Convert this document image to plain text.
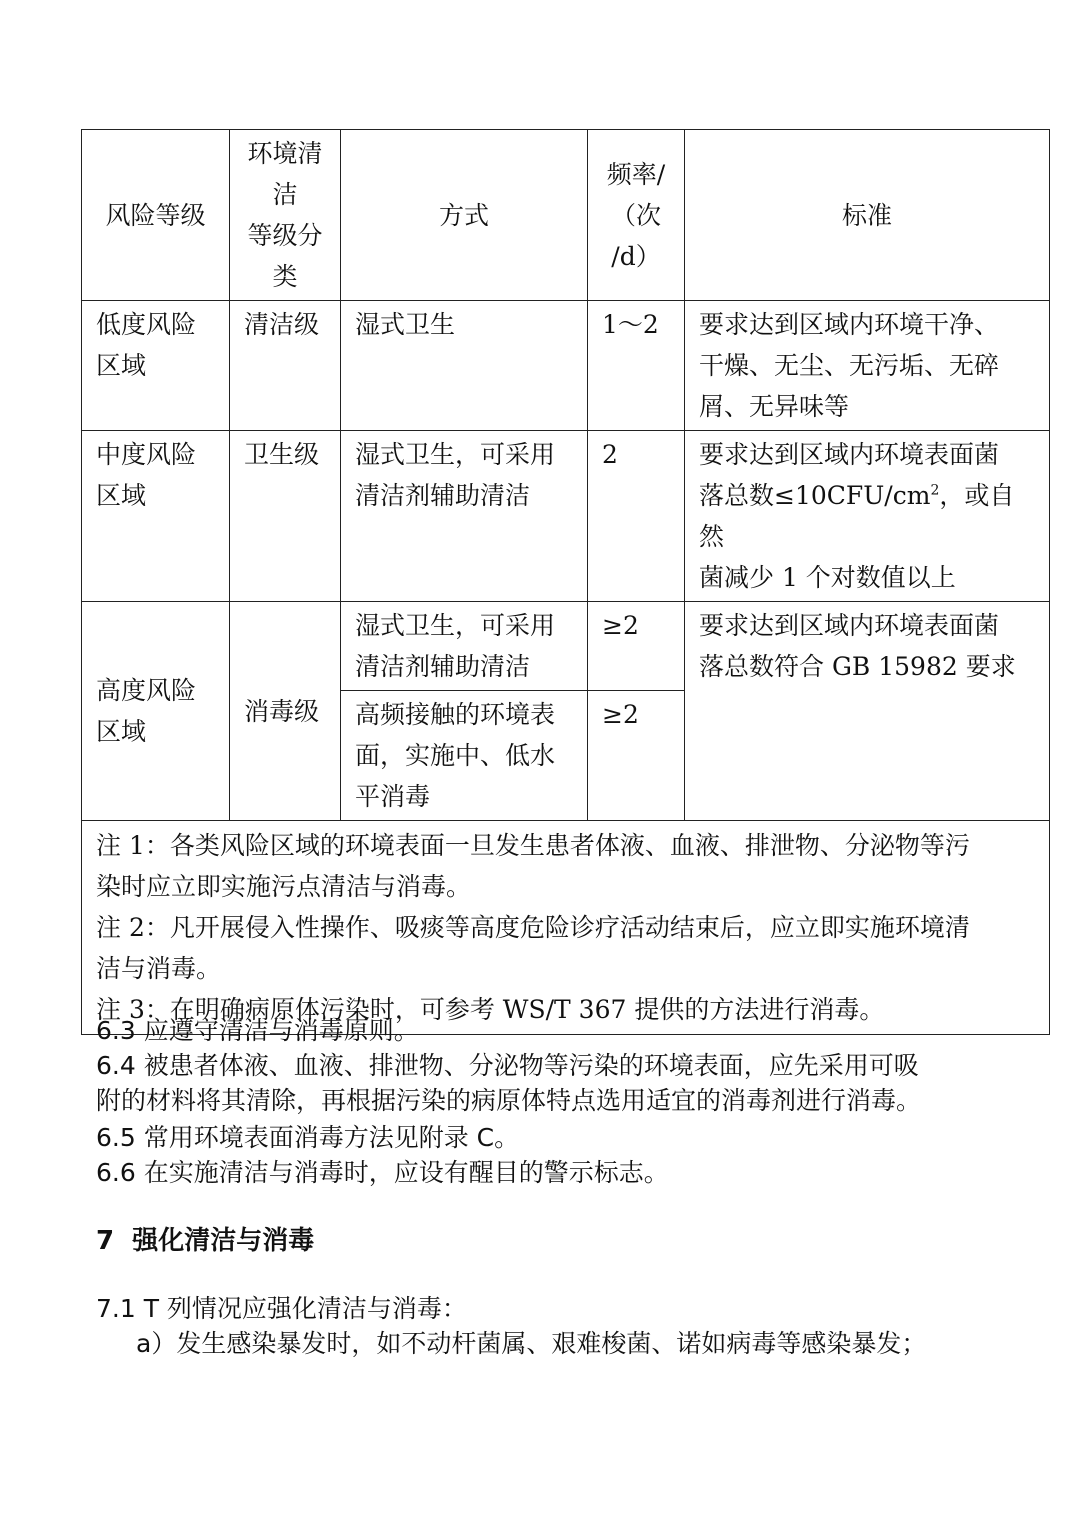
风险等级	环境清
洁
等级分
类	方式	频率/
（次
/d）	标准

低度风险
区域	清洁级	湿式卫生	1～2	要求达到区域内环境干净、
干燥、无尘、无污垢、无碎
屑、无异味等

中度风险
区域	卫生级	湿式卫生，可采用
清洁剂辅助清洁	2	要求达到区域内环境表面菌
落总数$\le 10CFU/cm^2$，或自然
菌减少 1 个对数值以上

高度风险
区域	消毒级	湿式卫生，可采用
清洁剂辅助清洁	≥2	要求达到区域内环境表面菌
落总数符合 GB 15982 要求

		高频接触的环境表
面，实施中、低水
平消毒	≥2	

注 1：各类风险区域的环境表面一旦发生患者体液、血液、排泄物、分泌物等污
染时应立即实施污点清洁与消毒。
注 2：凡开展侵入性操作、吸痰等高度危险诊疗活动结束后，应立即实施环境清
洁与消毒。
注 3：在明确病原体污染时，可参考 WS/T 367 提供的方法进行消毒。				
6.3 应遵守清洁与消毒原则。
6.4 被患者体液、血液、排泄物、分泌物等污染的环境表面，应先采用可吸
附的材料将其清除，再根据污染的病原体特点选用适宜的消毒剂进行消毒。
6.5 常用环境表面消毒方法见附录 C。
6.6 在实施清洁与消毒时，应设有醒目的警示标志。
7 强化清洁与消毒
7.1 T 列情况应强化清洁与消毒：
a）发生感染暴发时，如不动杆菌属、艰难梭菌、诺如病毒等感染暴发；
